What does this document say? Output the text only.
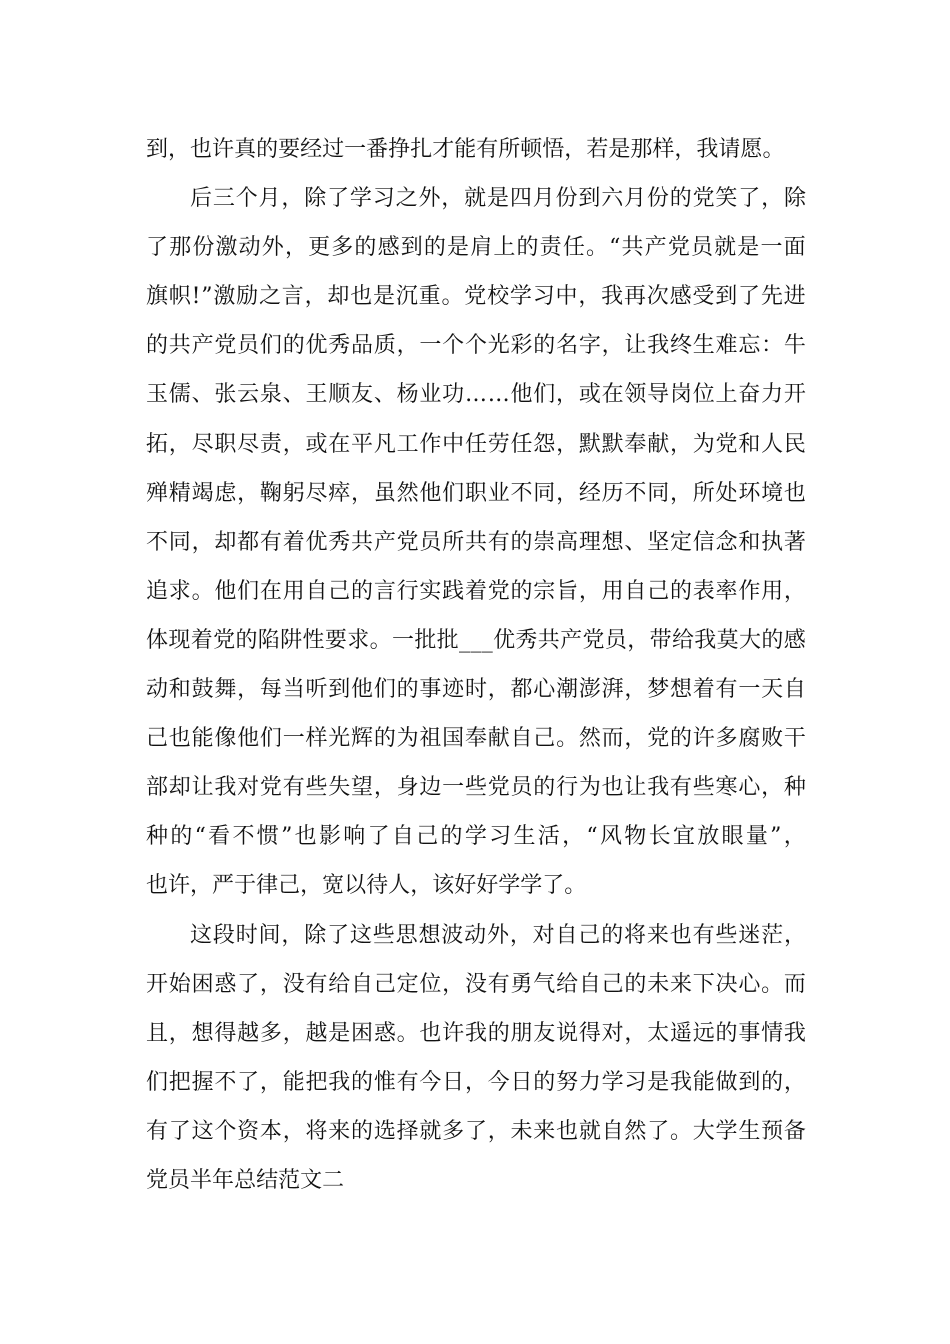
到 ， 也 许 真 的 要 经 过 一 番 挣 扎 才 能 有 所 顿 悟 ， 若 是 那 样 ， 我 请 愿 。
后 三 个 月 ， 除 了 学 习 之 外 ， 就 是 四 月 份 到 六 月 份 的 党 笑 了 ， 除
了 那 份 激 动 外 ， 更 多 的 感 到 的 是 肩 上 的 责 任 。 “ 共 产 党 员 就 是 一 面
旗 帜 ! ” 激 励 之 言 ， 却 也 是 沉 重 。 党 校 学 习 中 ， 我 再 次 感 受 到 了 先 进
的 共 产 党 员 们 的 优 秀 品 质 ， 一 个 个 光 彩 的 名 字 ， 让 我 终 生 难 忘 ： 牛
玉 儒 、 张 云 泉 、 王 顺 友 、 杨 业 功 … … 他 们 ， 或 在 领 导 岗 位 上 奋 力 开
拓 ， 尽 职 尽 责 ， 或 在 平 凡 工 作 中 任 劳 任 怨 ， 默 默 奉 献 ， 为 党 和 人 民
殚 精 竭 虑 ， 鞠 躬 尽 瘁 ， 虽 然 他 们 职 业 不 同 ， 经 历 不 同 ， 所 处 环 境 也
不 同 ， 却 都 有 着 优 秀 共 产 党 员 所 共 有 的 崇 高 理 想 、 坚 定 信 念 和 执 著
追 求 。 他 们 在 用 自 己 的 言 行 实 践 着 党 的 宗 旨 ， 用 自 己 的 表 率 作 用 ，
体 现 着 党 的 陷 阱 性 要 求 。 一 批 批 _ _ _ 优 秀 共 产 党 员 ， 带 给 我 莫 大 的 感
动 和 鼓 舞 ， 每 当 听 到 他 们 的 事 迹 时 ， 都 心 潮 澎 湃 ， 梦 想 着 有 一 天 自
己 也 能 像 他 们 一 样 光 辉 的 为 祖 国 奉 献 自 己 。 然 而 ， 党 的 许 多 腐 败 干
部 却 让 我 对 党 有 些 失 望 ， 身 边 一 些 党 员 的 行 为 也 让 我 有 些 寒 心 ， 种
种 的 “ 看 不 惯 ” 也 影 响 了 自 己 的 学 习 生 活 ， “ 风 物 长 宜 放 眼 量 ” ，
也 许 ， 严 于 律 己 ， 宽 以 待 人 ， 该 好 好 学 学 了 。
这 段 时 间 ， 除 了 这 些 思 想 波 动 外 ， 对 自 己 的 将 来 也 有 些 迷 茫 ，
开 始 困 惑 了 ， 没 有 给 自 己 定 位 ， 没 有 勇 气 给 自 己 的 未 来 下 决 心 。 而
且 ， 想 得 越 多 ， 越 是 困 惑 。 也 许 我 的 朋 友 说 得 对 ， 太 遥 远 的 事 情 我
们 把 握 不 了 ， 能 把 我 的 惟 有 今 日 ， 今 日 的 努 力 学 习 是 我 能 做 到 的 ，
有 了 这 个 资 本 ， 将 来 的 选 择 就 多 了 ， 未 来 也 就 自 然 了 。 大 学 生 预 备
党 员 半 年 总 结 范 文 二
